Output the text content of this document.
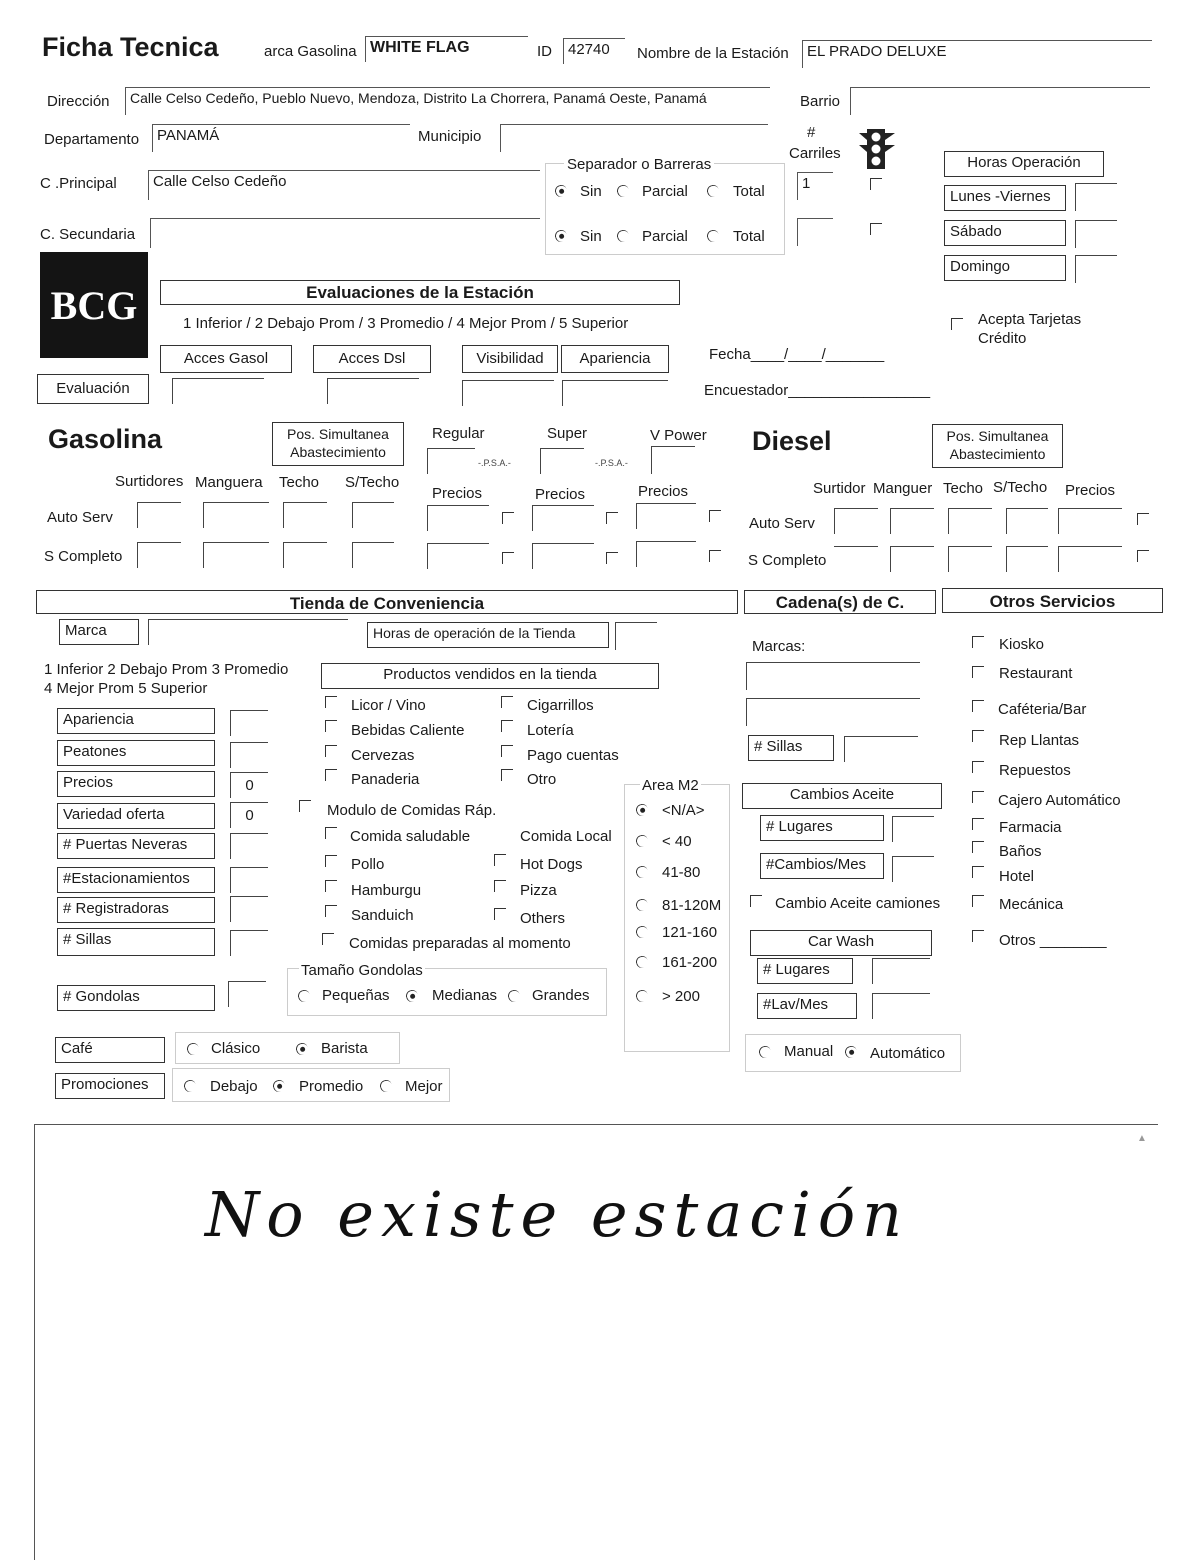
Ficha Tecnica	arca Gasolina WHITE FLAG	ID	42740	Nombre de la Estación	EL PRADO DELUXE
Dirección	Calle Celso Cedeño, Pueblo Nuevo, Mendoza, Distrito La Chorrera, Panamá Oeste, Panamá	Barrio
Departamento	PANAMÁ	Municipio	#
Carriles
Separador o Barreras
C .Principal	Calle Celso Cedeño
Sin	Parcial	Total	1
C. Secundaria	Sin	Parcial	Total
Horas Operación
Lunes -Viernes
Sábado
Domingo
BCG
Evaluación
Evaluaciones de la Estación
1 Inferior / 2 Debajo Prom / 3 Promedio / 4 Mejor Prom / 5 Superior
Acces Gasol	Acces Dsl	Visibilidad	Apariencia	Fecha____/____/_______
Encuestador_________________
Acepta Tarjetas
Crédito
Gasolina	Pos. Simultanea
Abastecimiento
Regular	Super	V Power
-.P.S.A.-	-.P.S.A.-
Surtidores Manguera Techo S/Techo
Precios	Precios	Precios
Auto Serv
S Completo
Diesel	Pos. Simultanea
Abastecimiento
Surtidor Manguer Techo S/Techo Precios
Auto Serv
S Completo
Tienda de Conveniencia
Marca	Horas de operación de la Tienda
1 Inferior 2 Debajo Prom 3 Promedio
4 Mejor Prom 5 Superior
Productos vendidos en la tienda
Apariencia
Peatones
Precios	0
Variedad oferta	0
# Puertas Neveras
#Estacionamientos
# Registradoras
# Sillas
# Gondolas
Licor / Vino
Bebidas Caliente
Cervezas
Panaderia
Cigarrillos
Lotería
Pago cuentas
Otro
Modulo de Comidas Ráp.
Comida saludable	Comida Local
Pollo
Hamburgu
Sanduich
Hot Dogs
Pizza
Others
Comidas preparadas al momento
Tamaño Gondolas
Pequeñas	Medianas Grandes
Café	Clásico	Barista
Promociones	Debajo	Promedio	Mejor
Area M2
<N/A>
< 40
41-80
81-120M
121-160
161-200
> 200
Cadena(s) de C.
Marcas:
# Sillas
Cambios Aceite
# Lugares
#Cambios/Mes
Cambio Aceite camiones
Car Wash
# Lugares
#Lav/Mes
Manual Automático
Otros Servicios
Kiosko
Restaurant
Caféteria/Bar
Rep Llantas
Repuestos
Cajero Automático
Farmacia
Baños
Hotel
Mecánica
Otros ________
▲
No existe estación
